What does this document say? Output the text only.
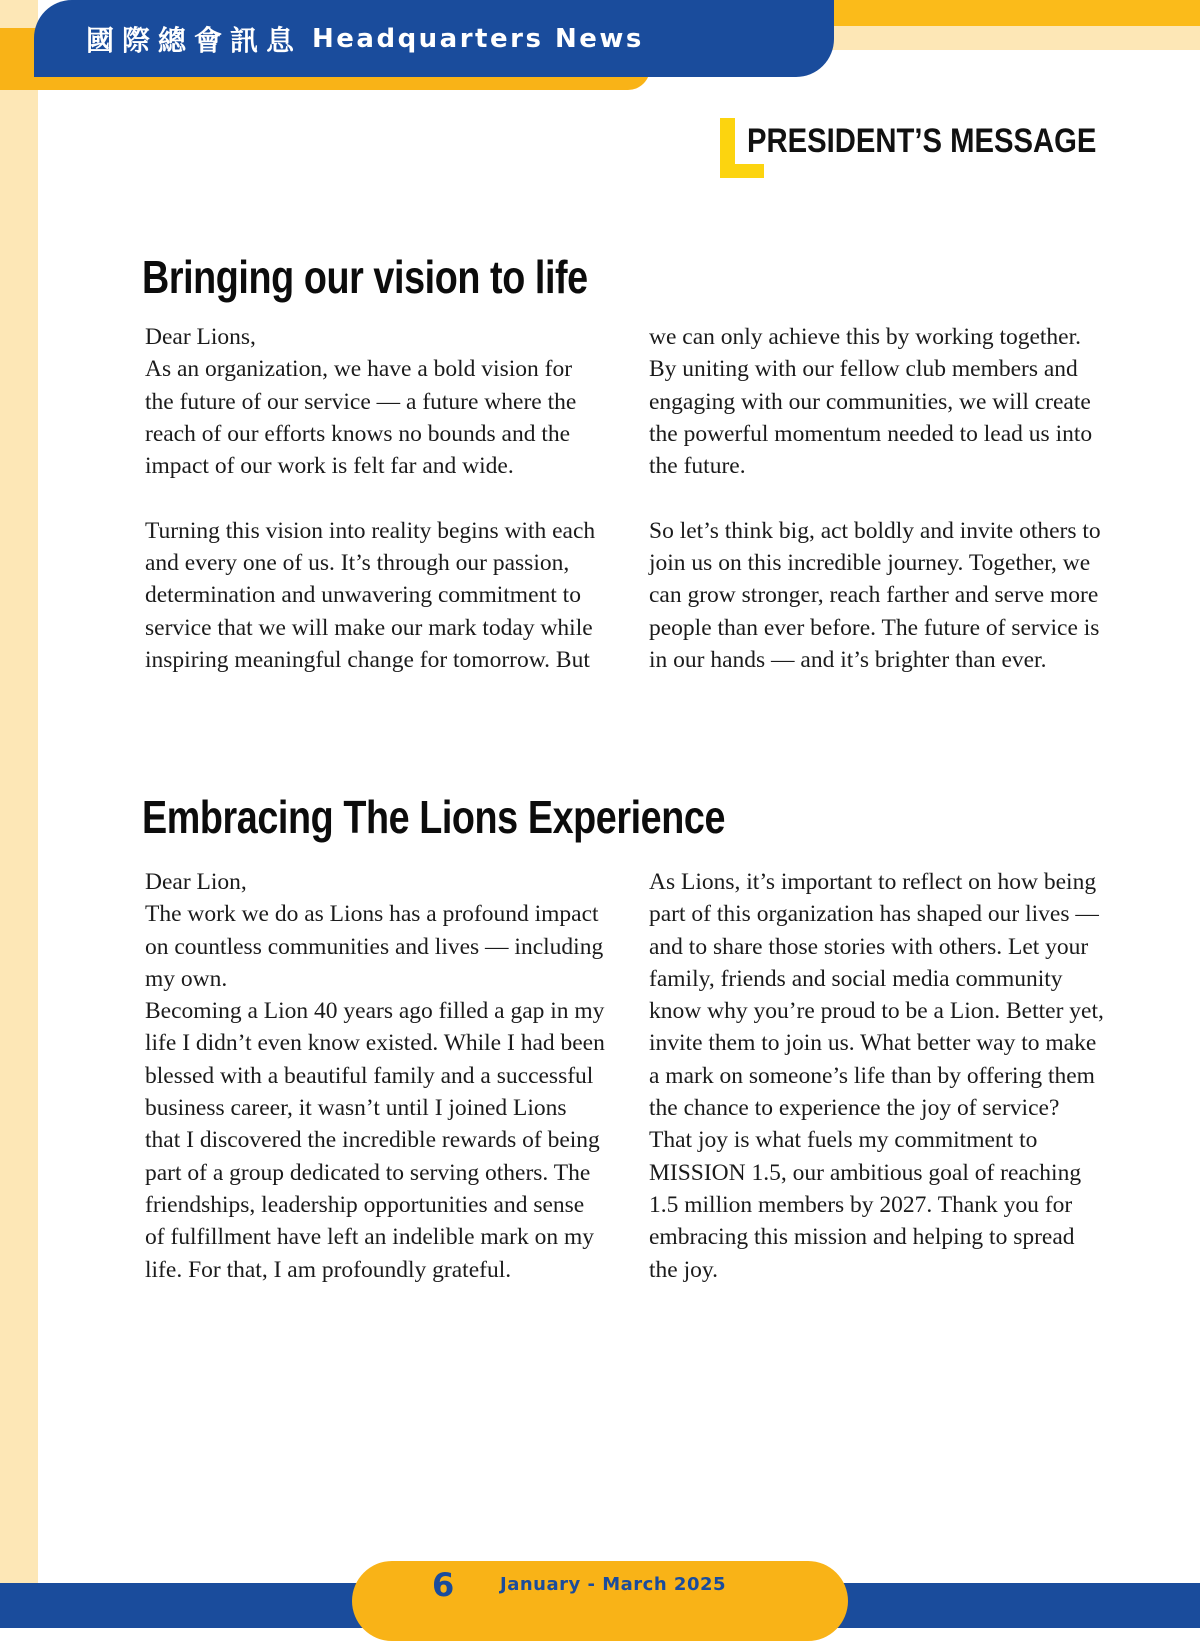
國際總會訊息 Headquarters News
PRESIDENT’S MESSAGE
Bringing our vision to life
Dear Lions,
As an organization, we have a bold vision for
the future of our service — a future where the
reach of our efforts knows no bounds and the
impact of our work is felt far and wide.
Turning this vision into reality begins with each
and every one of us. It’s through our passion,
determination and unwavering commitment to
service that we will make our mark today while
inspiring meaningful change for tomorrow. But
we can only achieve this by working together.
By uniting with our fellow club members and
engaging with our communities, we will create
the powerful momentum needed to lead us into
the future.
So let’s think big, act boldly and invite others to
join us on this incredible journey. Together, we
can grow stronger, reach farther and serve more
people than ever before. The future of service is
in our hands — and it’s brighter than ever.
Embracing The Lions Experience
Dear Lion,
The work we do as Lions has a profound impact
on countless communities and lives — including
my own.
Becoming a Lion 40 years ago filled a gap in my
life I didn’t even know existed. While I had been
blessed with a beautiful family and a successful
business career, it wasn’t until I joined Lions
that I discovered the incredible rewards of being
part of a group dedicated to serving others. The
friendships, leadership opportunities and sense
of fulfillment have left an indelible mark on my
life. For that, I am profoundly grateful.
As Lions, it’s important to reflect on how being
part of this organization has shaped our lives —
and to share those stories with others. Let your
family, friends and social media community
know why you’re proud to be a Lion. Better yet,
invite them to join us. What better way to make
a mark on someone’s life than by offering them
the chance to experience the joy of service?
That joy is what fuels my commitment to
MISSION 1.5, our ambitious goal of reaching
1.5 million members by 2027. Thank you for
embracing this mission and helping to spread
the joy.
6	January - March 2025
